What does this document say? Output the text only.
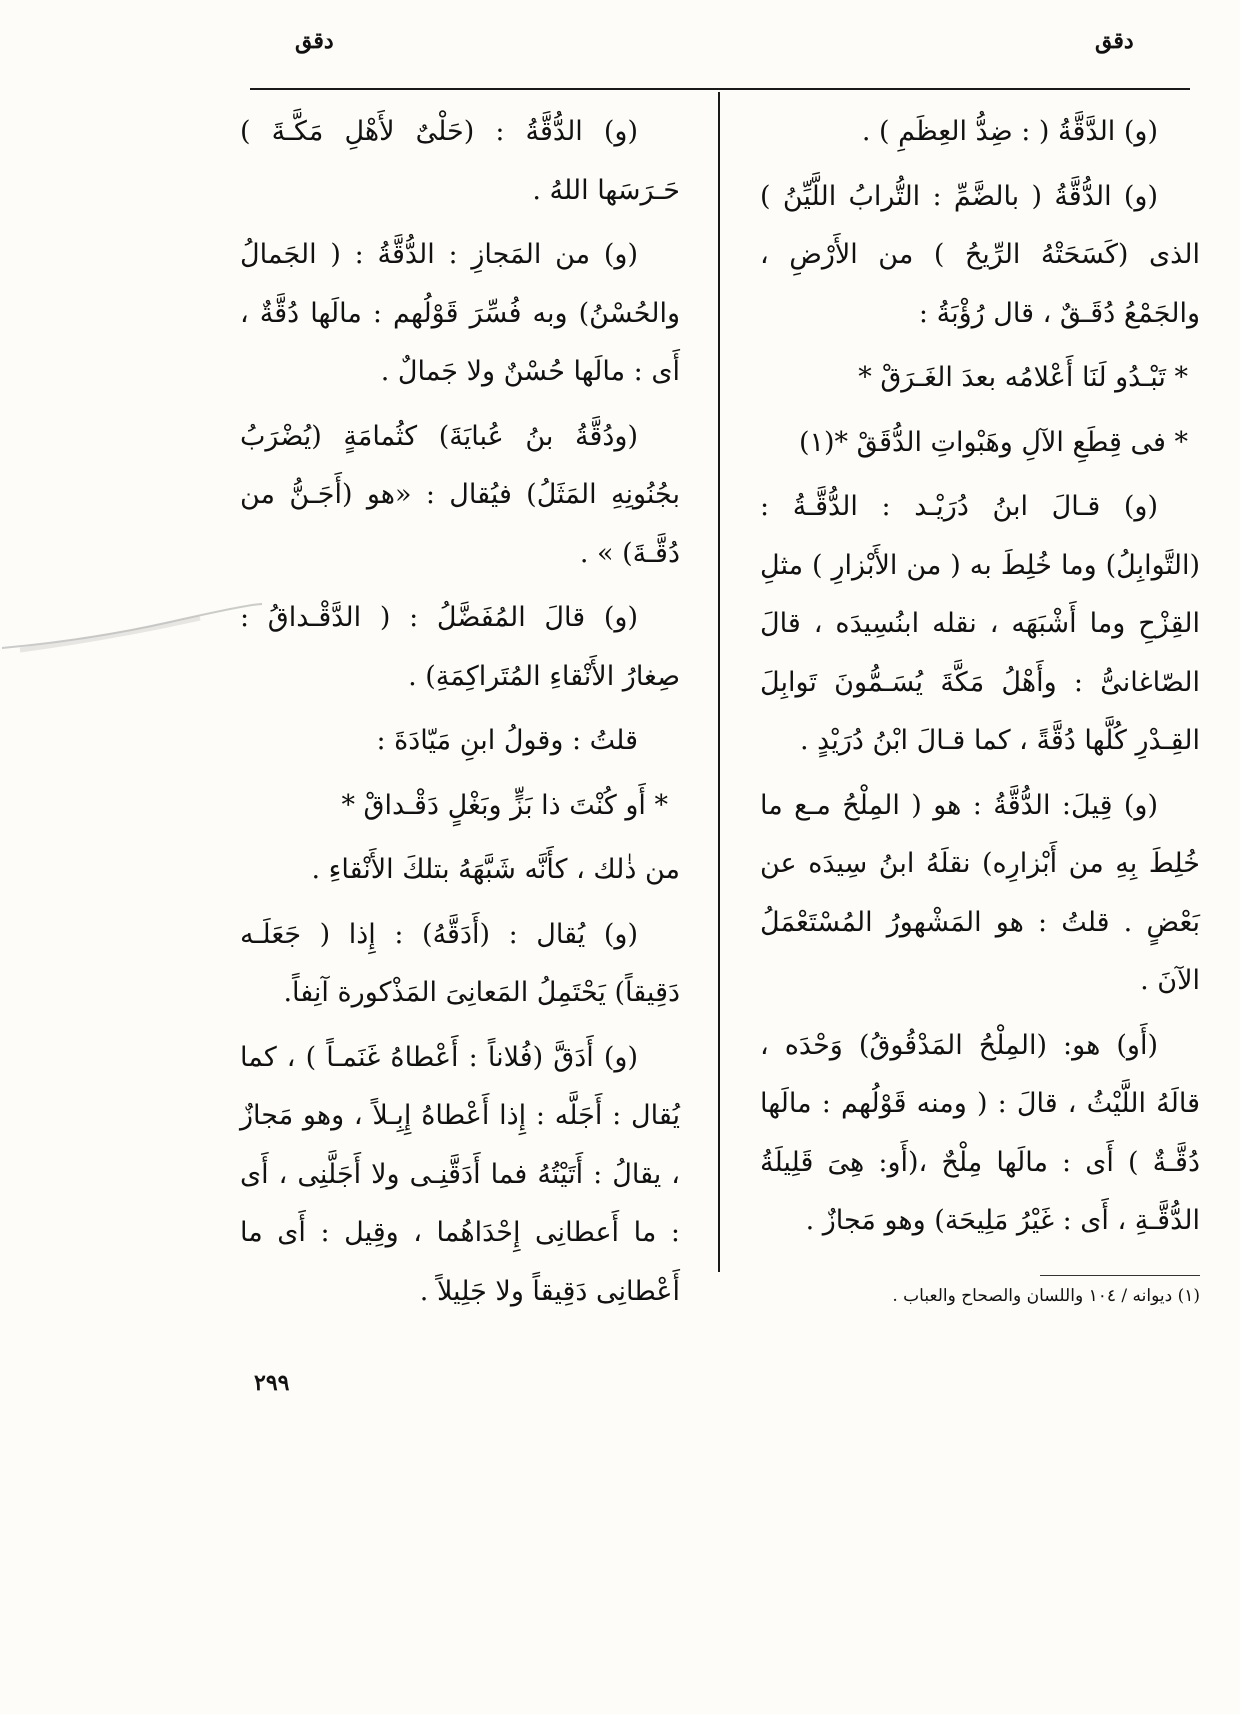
دقق
دقق

(و) الدَّقَّةُ ( : ضِدُّ العِظَمِ ) .

(و) الدُّقَّةُ ( بالضَّمِّ : التُّرابُ اللَّيِّنُ ) الذى (كَسَحَتْهُ الرِّيحُ ) من الأَرْضِ ، والجَمْعُ دُقَـقٌ ، قال رُؤْبَةُ :

* تَبْـدُو لَنَا أَعْلامُه بعدَ الغَـرَقْ *

* فى قِطَعِ الآلِ وهَبْواتِ الدُّقَقْ *(١)

(و) قـالَ ابنُ دُرَيْـد : الدُّقَّـةُ : (التَّوابِلُ) وما خُلِطَ به ( من الأَبْزارِ ) مثلِ القِزْحِ وما أَشْبَهَه ، نقله ابنُسِيدَه ، قالَ الصّاغانىُّ : وأَهْلُ مَكَّةَ يُسَـمُّونَ تَوابِلَ القِـدْرِ كُلَّها دُقَّةً ، كما قـالَ ابْنُ دُرَيْدٍ .

(و) قِيلَ: الدُّقَّةُ : هو ( المِلْحُ مـع ما خُلِطَ بِهِ من أَبْزارِه) نقلَهُ ابنُ سِيدَه عن بَعْضٍ . قلتُ : هو المَشْهورُ المُسْتَعْمَلُ الآنَ .

(أَو) هو: (المِلْحُ المَدْقُوقُ) وَحْدَه ، قالَهُ اللَّيْثُ ، قالَ : ( ومنه قَوْلُهم : مالَها دُقَّـةٌ ) أَى : مالَها مِلْحٌ ،(أَو: هِىَ قَلِيلَةُ الدُّقَّـةِ ، أَى : غَيْرُ مَلِيحَة) وهو مَجازٌ .

(١) ديوانه / ١٠٤ واللسان والصحاح والعباب .

(و) الدُّقَّةُ : (حَلْىٌ لأَهْلِ مَكَّـةَ ) حَـرَسَها اللهُ .

(و) من المَجازِ : الدُّقَّةُ : ( الجَمالُ والحُسْنُ) وبه فُسِّرَ قَوْلُهم : مالَها دُقَّةٌ ، أَى : مالَها حُسْنٌ ولا جَمالٌ .

(ودُقَّةُ بنُ عُبايَةَ) كثُمامَةٍ (يُضْرَبُ بجُنُونِهِ المَثَلُ) فيُقال : «هو (أَجَـنُّ من دُقَّـةَ) » .

(و) قالَ المُفَضَّلُ : ( الدَّقْـداقُ : صِغارُ الأَنْقاءِ المُتَراكِمَةِ) .

قلتُ : وقولُ ابنِ مَيّادَةَ :

* أَو كُنْتَ ذا بَزٍّ وبَغْلٍ دَقْـداقْ *

من ذٰلك ، كأَنَّه شَبَّهَهُ بتلكَ الأَنْقاءِ .

(و) يُقال : (أَدَقَّهُ) : إِذا ( جَعَلَـه دَقِيقاً) يَحْتَمِلُ المَعانِىَ المَذْكورة آنِفاً.

(و) أَدَقَّ (فُلاناً : أَعْطاهُ غَنَمـاً ) ، كما يُقال : أَجَلَّه : إِذا أَعْطاهُ إِبِـلاً ، وهو مَجازٌ ، يقالُ : أَتَيْتُهُ فما أَدَقَّنِـى ولا أَجَلَّنِى ، أَى : ما أَعطانِى إِحْدَاهُما ، وقِيل : أَى ما أَعْطانِى دَقِيقاً ولا جَلِيلاً .

٢٩٩
